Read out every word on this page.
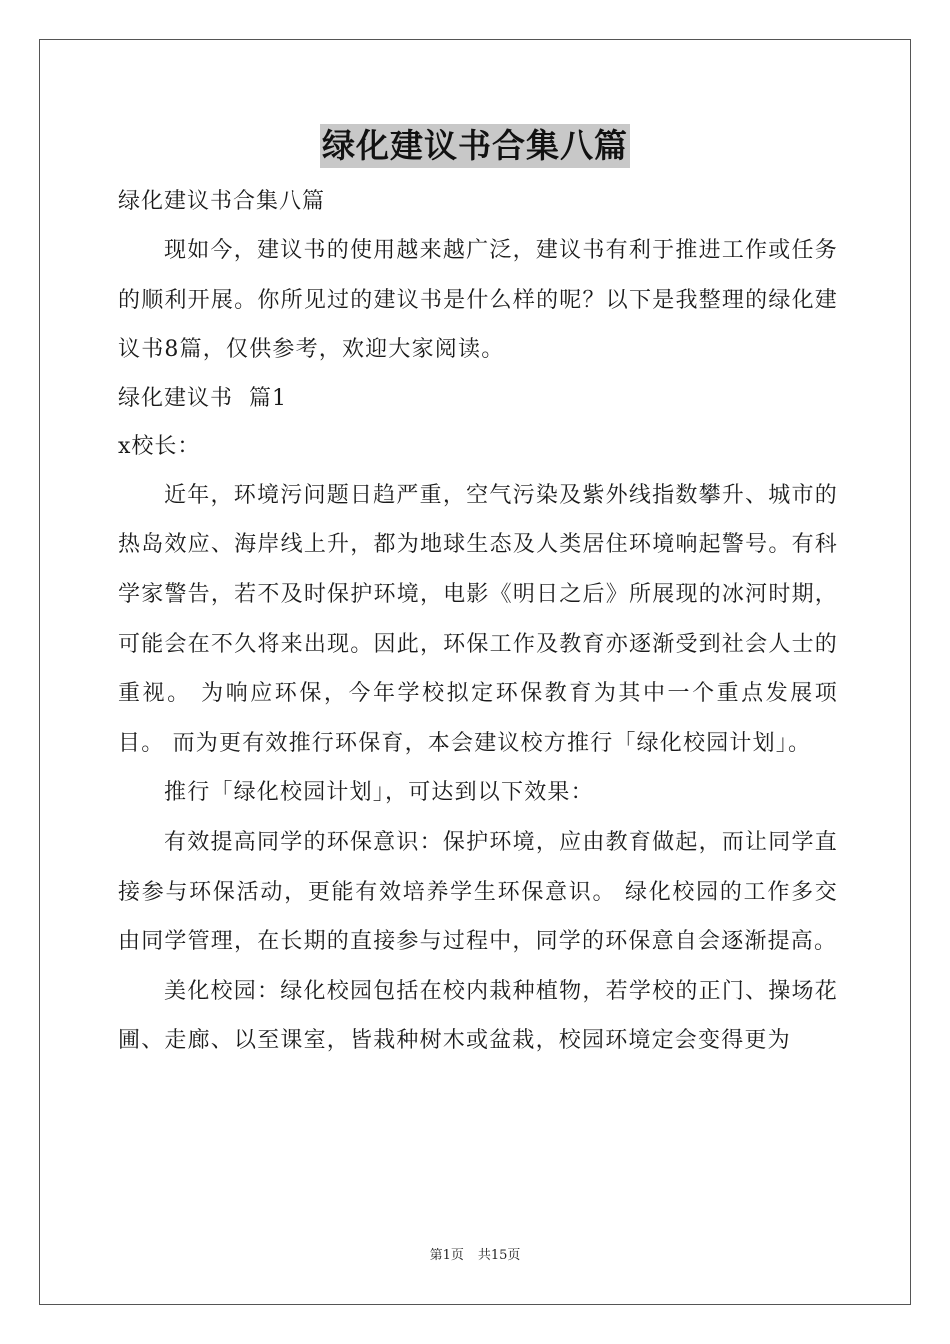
绿化建议书合集八篇
绿化建议书合集八篇

现如今，建议书的使用越来越广泛，建议书有利于推进工作或任务的顺利开展。你所见过的建议书是什么样的呢？以下是我整理的绿化建议书8篇，仅供参考，欢迎大家阅读。

绿化建议书  篇1
x校长：

近年，环境污问题日趋严重，空气污染及紫外线指数攀升、城市的热岛效应、海岸线上升，都为地球生态及人类居住环境响起警号。有科学家警告，若不及时保护环境，电影《明日之后》所展现的冰河时期，可能会在不久将来出现。因此，环保工作及教育亦逐渐受到社会人士的重视。 为响应环保，今年学校拟定环保教育为其中一个重点发展项目。 而为更有效推行环保育，本会建议校方推行「绿化校园计划」。

推行「绿化校园计划」，可达到以下效果：

有效提高同学的环保意识：保护环境，应由教育做起，而让同学直接参与环保活动，更能有效培养学生环保意识。 绿化校园的工作多交由同学管理，在长期的直接参与过程中，同学的环保意自会逐渐提高。

美化校园：绿化校园包括在校内栽种植物，若学校的正门、操场花圃、走廊、以至课室，皆栽种树木或盆栽，校园环境定会变得更为

第1页 共15页
